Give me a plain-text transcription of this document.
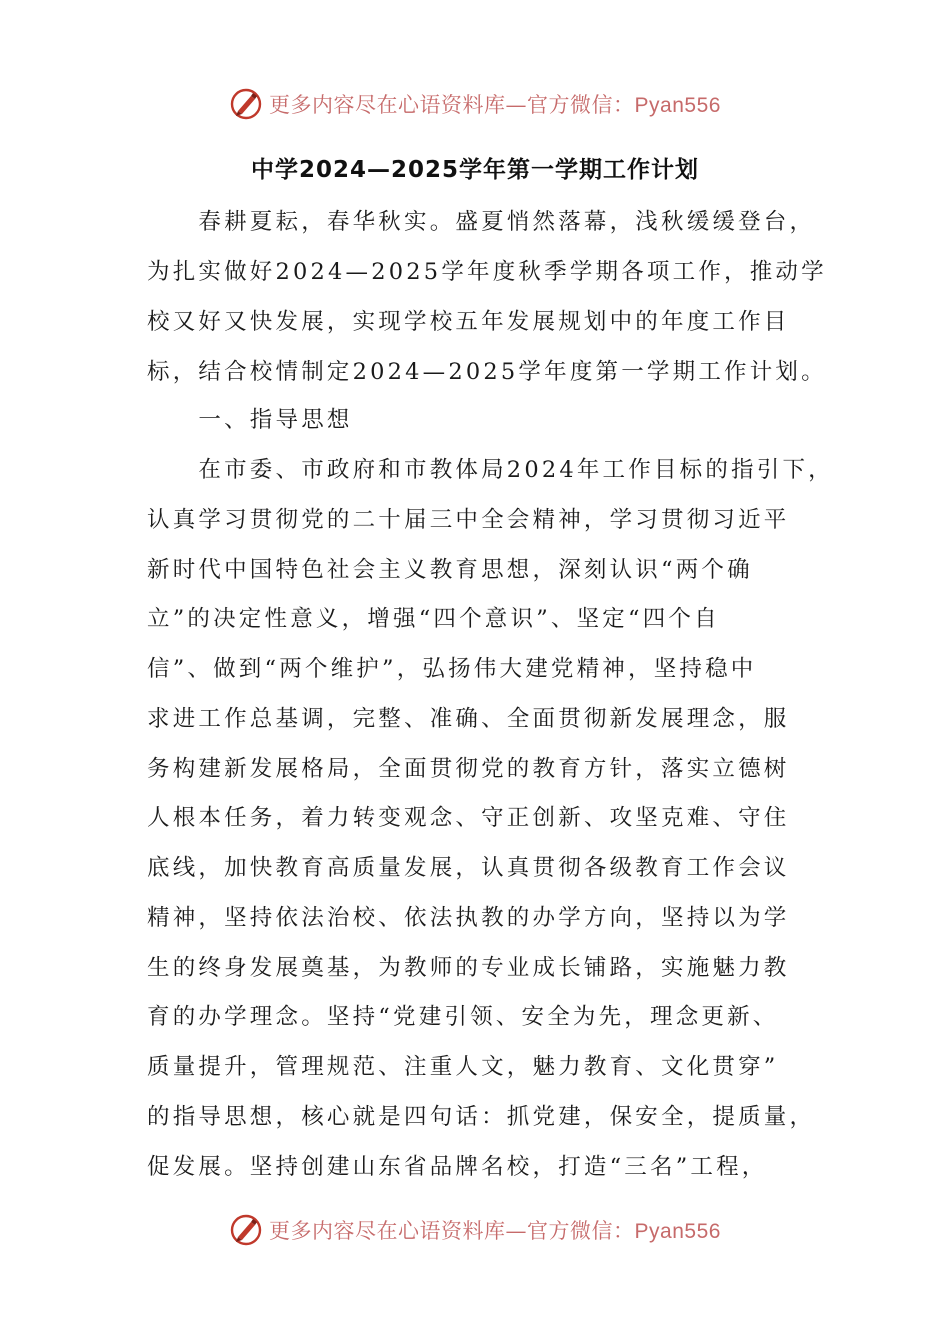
更多内容尽在心语资料库—官方微信：Pyan556
中学2024—2025学年第一学期工作计划
　　春耕夏耘，春华秋实。盛夏悄然落幕，浅秋缓缓登台，
为扎实做好2024—2025学年度秋季学期各项工作，推动学
校又好又快发展，实现学校五年发展规划中的年度工作目
标，结合校情制定2024—2025学年度第一学期工作计划。
　　一、指导思想
　　在市委、市政府和市教体局2024年工作目标的指引下，
认真学习贯彻党的二十届三中全会精神，学习贯彻习近平
新时代中国特色社会主义教育思想，深刻认识“两个确
立”的决定性意义，增强“四个意识”、坚定“四个自
信”、做到“两个维护”，弘扬伟大建党精神，坚持稳中
求进工作总基调，完整、准确、全面贯彻新发展理念，服
务构建新发展格局，全面贯彻党的教育方针，落实立德树
人根本任务，着力转变观念、守正创新、攻坚克难、守住
底线，加快教育高质量发展，认真贯彻各级教育工作会议
精神，坚持依法治校、依法执教的办学方向，坚持以为学
生的终身发展奠基，为教师的专业成长铺路，实施魅力教
育的办学理念。坚持“党建引领、安全为先，理念更新、
质量提升，管理规范、注重人文，魅力教育、文化贯穿”
的指导思想，核心就是四句话：抓党建，保安全，提质量，
促发展。坚持创建山东省品牌名校，打造“三名”工程，
更多内容尽在心语资料库—官方微信：Pyan556
